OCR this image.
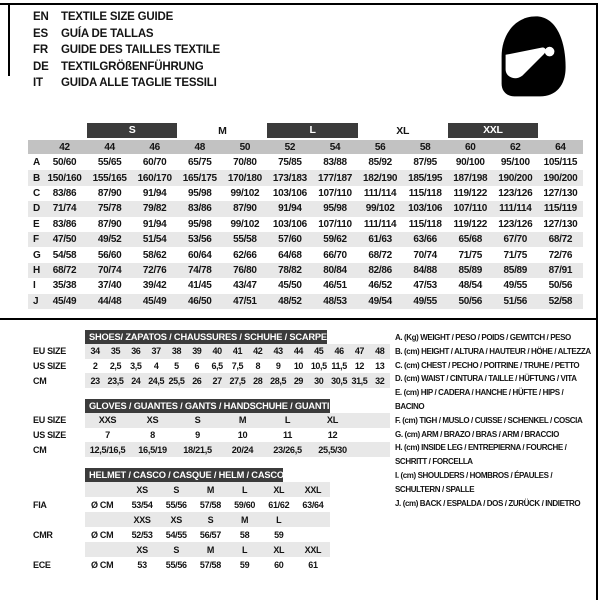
EN	TEXTILE SIZE GUIDE
ES	GUÍA DE TALLAS
FR	GUIDE DES TAILLES TEXTILE
DE	TEXTILGRÖßENFÜHRUNG
IT	GUIDA ALLE TAGLIE TESSILI
S	M	L	XL	XXL
42	44	46	48	50	52	54	56	58	60	62	64
A	50/60	55/65	60/70	65/75	70/80	75/85	83/88	85/92	87/95	90/100	95/100	105/115
B 150/160	155/165	160/170	165/175	170/180	173/183	177/187	182/190	185/195	187/198	190/200	190/200
C	83/86	87/90	91/94	95/98	99/102	103/106	107/110	111/114	115/118	119/122	123/126	127/130
D	71/74	75/78	79/82	83/86	87/90	91/94	95/98	99/102	103/106	107/110	111/114	115/119
E	83/86	87/90	91/94	95/98	99/102	103/106	107/110	111/114	115/118	119/122	123/126	127/130
F	47/50	49/52	51/54	53/56	55/58	57/60	59/62	61/63	63/66	65/68	67/70	68/72
G	54/58	56/60	58/62	60/64	62/66	64/68	66/70	68/72	70/74	71/75	71/75	72/76
H	68/72	70/74	72/76	74/78	76/80	78/82	80/84	82/86	84/88	85/89	85/89	87/91
I	35/38	37/40	39/42	41/45	43/47	45/50	46/51	46/52	47/53	48/54	49/55	50/56
J	45/49	44/48	45/49	46/50	47/51	48/52	48/53	49/54	49/55	50/56	51/56	52/58
SHOES/ ZAPATOS / CHAUSSURES / SCHUHE / SCARPE
EU SIZE	34	35	36	37	38	39	40	41	42	43	44	45	46	47	48
US SIZE	2	2,5	3,5	4	5	6	6,5	7,5	8	9	10 10,5 11,5 12	13
CM	23 23,5 24 24,5 25,5 26	27 27,5 28 28,5 29	30 30,5 31,5 32
GLOVES / GUANTES / GANTS / HANDSCHUHE / GUANTI
EU SIZE	XXS	XS	S	M	L	XL
US SIZE	7	8	9	10	11	12
CM	12,5/16,5	16,5/19	18/21,5	20/24	23/26,5	25,5/30
HELMET / CASCO / CASQUE / HELM / CASCO
XS	S	M	L	XL	XXL
FIA	Ø CM	53/54	55/56	57/58	59/60	61/62	63/64
XXS	XS	S	M	L
CMR	Ø CM	52/53	54/55	56/57	58	59
XS	S	M	L	XL	XXL
ECE	Ø CM	53	55/56	57/58	59	60	61
A. (Kg) WEIGHT / PESO / POIDS / GEWITCH / PESO
B. (cm) HEIGHT / ALTURA / HAUTEUR / HÖHE / ALTEZZA
C. (cm) CHEST / PECHO / POITRINE / TRUHE / PETTO
D. (cm) WAIST / CINTURA / TAILLE / HÜFTUNG / VITA
E. (cm) HIP / CADERA / HANCHE / HÜFTE / HIPS / BACINO
F. (cm) TIGH / MUSLO / CUISSE / SCHENKEL / COSCIA
G. (cm) ARM / BRAZO / BRAS / ARM / BRACCIO
H. (cm) INSIDE LEG / ENTREPIERNA / FOURCHE / SCHRITT / FORCELLA
I. (cm) SHOULDERS / HOMBROS / ÉPAULES / SCHULTERN / SPALLE
J. (cm) BACK / ESPALDA / DOS / ZURÜCK / INDIETRO
